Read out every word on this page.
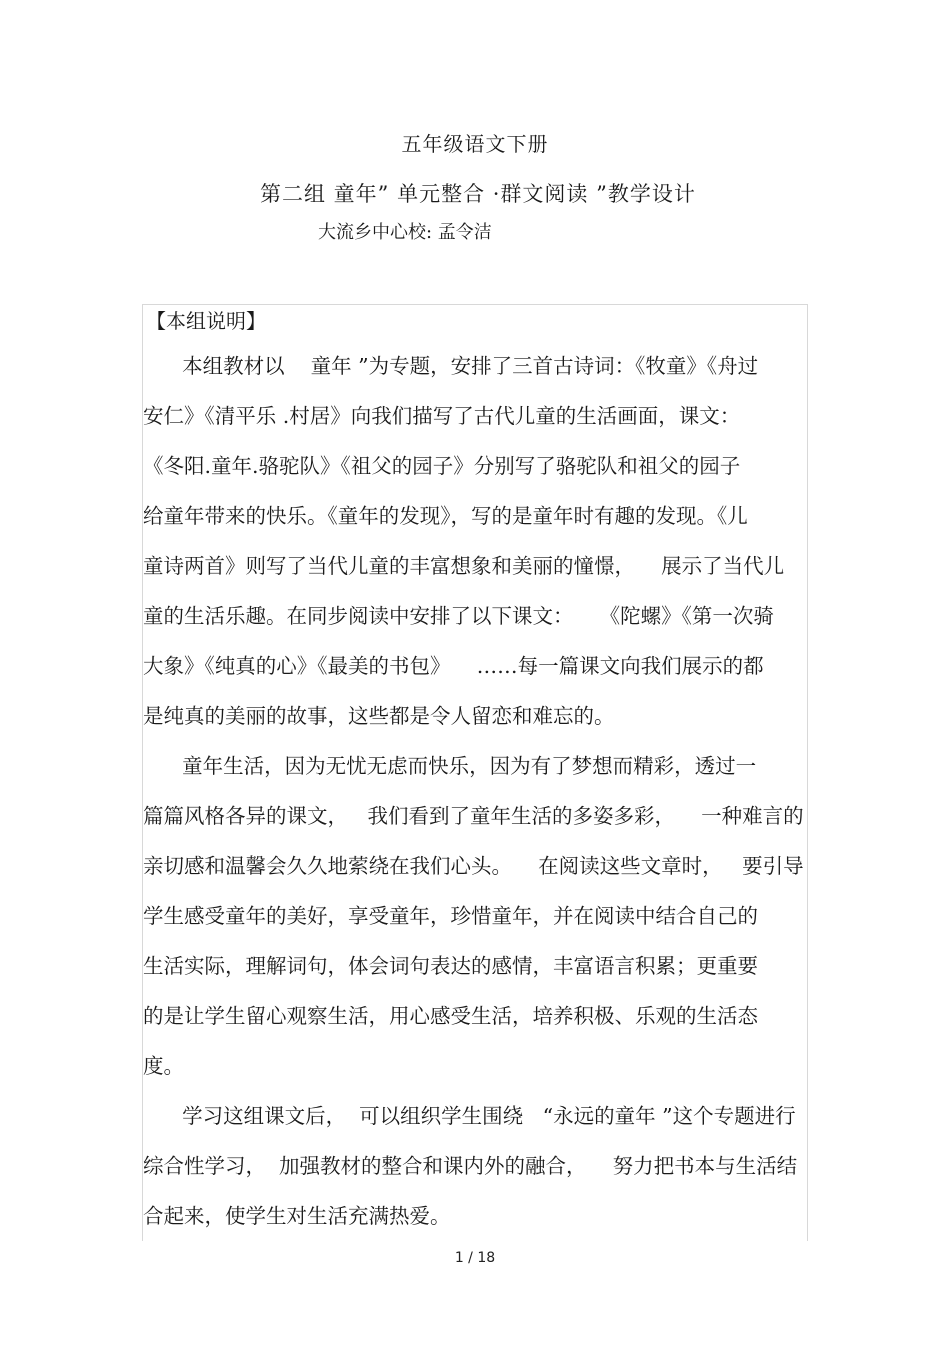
五年级语文下册
第二组 童年” 单元整合 ·群文阅读 ”教学设计
大流乡中心校: 孟令洁
【本组说明】
本组教材以    童年 ”为专题，安排了三首古诗词：《牧童》《舟过
安仁》《清平乐 .村居》向我们描写了古代儿童的生活画面，课文：
《冬阳.童年.骆驼队》《祖父的园子》分别写了骆驼队和祖父的园子
给童年带来的快乐。《童年的发现》，写的是童年时有趣的发现。《儿
童诗两首》则写了当代儿童的丰富想象和美丽的憧憬，    展示了当代儿
童的生活乐趣。在同步阅读中安排了以下课文：    《陀螺》《第一次骑
大象》《纯真的心》《最美的书包》    ……每一篇课文向我们展示的都
是纯真的美丽的故事，这些都是令人留恋和难忘的。
童年生活，因为无忧无虑而快乐，因为有了梦想而精彩，透过一
篇篇风格各异的课文，   我们看到了童年生活的多姿多彩，    一种难言的
亲切感和温馨会久久地萦绕在我们心头。    在阅读这些文章时，   要引导
学生感受童年的美好，享受童年，珍惜童年，并在阅读中结合自己的
生活实际，理解词句，体会词句表达的感情，丰富语言积累；更重要
的是让学生留心观察生活，用心感受生活，培养积极、乐观的生活态
度。
学习这组课文后，  可以组织学生围绕   “永远的童年 ”这个专题进行
综合性学习，  加强教材的整合和课内外的融合，    努力把书本与生活结
合起来，使学生对生活充满热爱。
1 / 18
